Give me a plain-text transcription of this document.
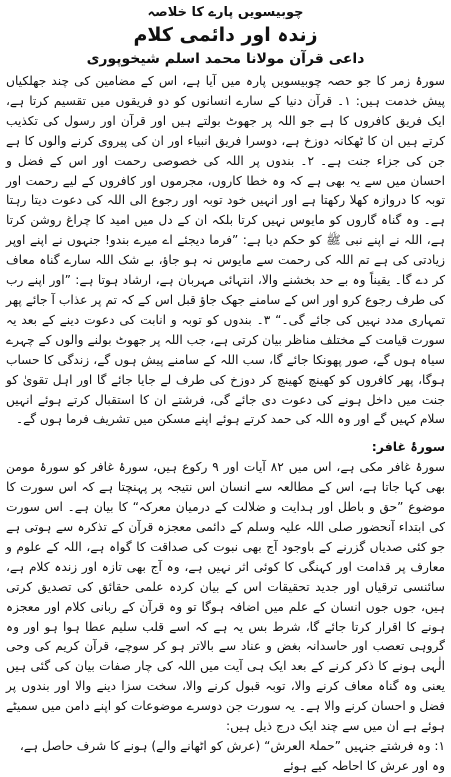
چوبیسویں پارے کا خلاصہ

زندہ اور دائمی کلام

داعی قرآن مولانا محمد اسلم شیخوپوری

سورۂ زمر کا جو حصہ چوبیسویں پارہ میں آیا ہے، اس کے مضامین کی چند جھلکیاں پیش خدمت ہیں: ۱۔ قرآن دنیا کے سارے انسانوں کو دو فریقوں میں تقسیم کرتا ہے، ایک فریق کافروں کا ہے جو اللہ پر جھوٹ بولتے ہیں اور قرآن اور رسول کی تکذیب کرتے ہیں ان کا ٹھکانہ دوزخ ہے، دوسرا فریق انبیاء اور ان کی پیروی کرنے والوں کا ہے جن کی جزاء جنت ہے۔ ۲۔ بندوں پر اللہ کی خصوصی رحمت اور اس کے فضل و احسان میں سے یہ بھی ہے کہ وہ خطا کاروں، مجرموں اور کافروں کے لیے رحمت اور توبہ کا دروازہ کھلا رکھتا ہے اور انہیں خود توبہ اور رجوع الی اللہ کی دعوت دیتا رہتا ہے۔ وہ گناہ گاروں کو مایوس نہیں کرتا بلکہ ان کے دل میں امید کا چراغ روشن کرتا ہے، اللہ نے اپنے نبی ﷺ کو حکم دیا ہے: ”فرما دیجئے اے میرے بندو! جنہوں نے اپنے اوپر زیادتی کی ہے تم اللہ کی رحمت سے مایوس نہ ہو جاؤ، بے شک اللہ سارے گناہ معاف کر دے گا۔ یقیناً وہ بے حد بخشنے والا، انتہائی مہربان ہے، ارشاد ہوتا ہے: ”اور اپنے رب کی طرف رجوع کرو اور اس کے سامنے جھک جاؤ قبل اس کے کہ تم پر عذاب آ جائے پھر تمہاری مدد نہیں کی جائے گی۔“ ۳۔ بندوں کو توبہ و انابت کی دعوت دینے کے بعد یہ سورت قیامت کے مختلف مناظر بیان کرتی ہے، جب اللہ پر جھوٹ بولنے والوں کے چہرے سیاہ ہوں گے، صور پھونکا جائے گا، سب اللہ کے سامنے پیش ہوں گے، زندگی کا حساب ہوگا، پھر کافروں کو کھینچ کھینچ کر دوزخ کی طرف لے جایا جائے گا اور اہل تقویٰ کو جنت میں داخل ہونے کی دعوت دی جائے گی، فرشتے ان کا استقبال کرتے ہوئے انہیں سلام کہیں گے اور وہ اللہ کی حمد کرتے ہوئے اپنے مسکن میں تشریف فرما ہوں گے۔

سورۂ غافر:

سورۂ غافر مکی ہے، اس میں ۸۲ آیات اور ۹ رکوع ہیں، سورۂ غافر کو سورۂ مومن بھی کہا جاتا ہے، اس کے مطالعہ سے انسان اس نتیجہ پر پہنچتا ہے کہ اس سورت کا موضوع ”حق و باطل اور ہدایت و ضلالت کے درمیان معرکہ“ کا بیان ہے۔ اس سورت کی ابتداء آنحضور صلی اللہ علیہ وسلم کے دائمی معجزہ قرآن کے تذکرہ سے ہوتی ہے جو کئی صدیاں گزرنے کے باوجود آج بھی نبوت کی صداقت کا گواہ ہے، اللہ کے علوم و معارف پر قدامت اور کہنگی کا کوئی اثر نہیں ہے، وہ آج بھی تازہ اور زندہ کلام ہے، سائنسی ترقیاں اور جدید تحقیقات اس کے بیان کردہ علمی حقائق کی تصدیق کرتی ہیں، جوں جوں انسان کے علم میں اضافہ ہوگا تو وہ قرآن کے ربانی کلام اور معجزہ ہونے کا اقرار کرتا جائے گا، شرط بس یہ ہے کہ اسے قلب سلیم عطا ہوا ہو اور وہ گروہی تعصب اور حاسدانہ بغض و عناد سے بالاتر ہو کر سوچے، قرآن کریم کی وحی الٰہی ہونے کا ذکر کرنے کے بعد ایک ہی آیت میں اللہ کی چار صفات بیان کی گئی ہیں یعنی وہ گناہ معاف کرنے والا، توبہ قبول کرنے والا، سخت سزا دینے والا اور بندوں پر فضل و احسان کرنے والا ہے۔ یہ سورت جن دوسرے موضوعات کو اپنے دامن میں سمیٹے ہوئے ہے ان میں سے چند ایک درج ذیل ہیں:

۱: وہ فرشتے جنہیں ”حملۃ العرش“ (عرش کو اٹھانے والے) ہونے کا شرف حاصل ہے، وہ اور عرش کا احاطہ کیے ہوئے
